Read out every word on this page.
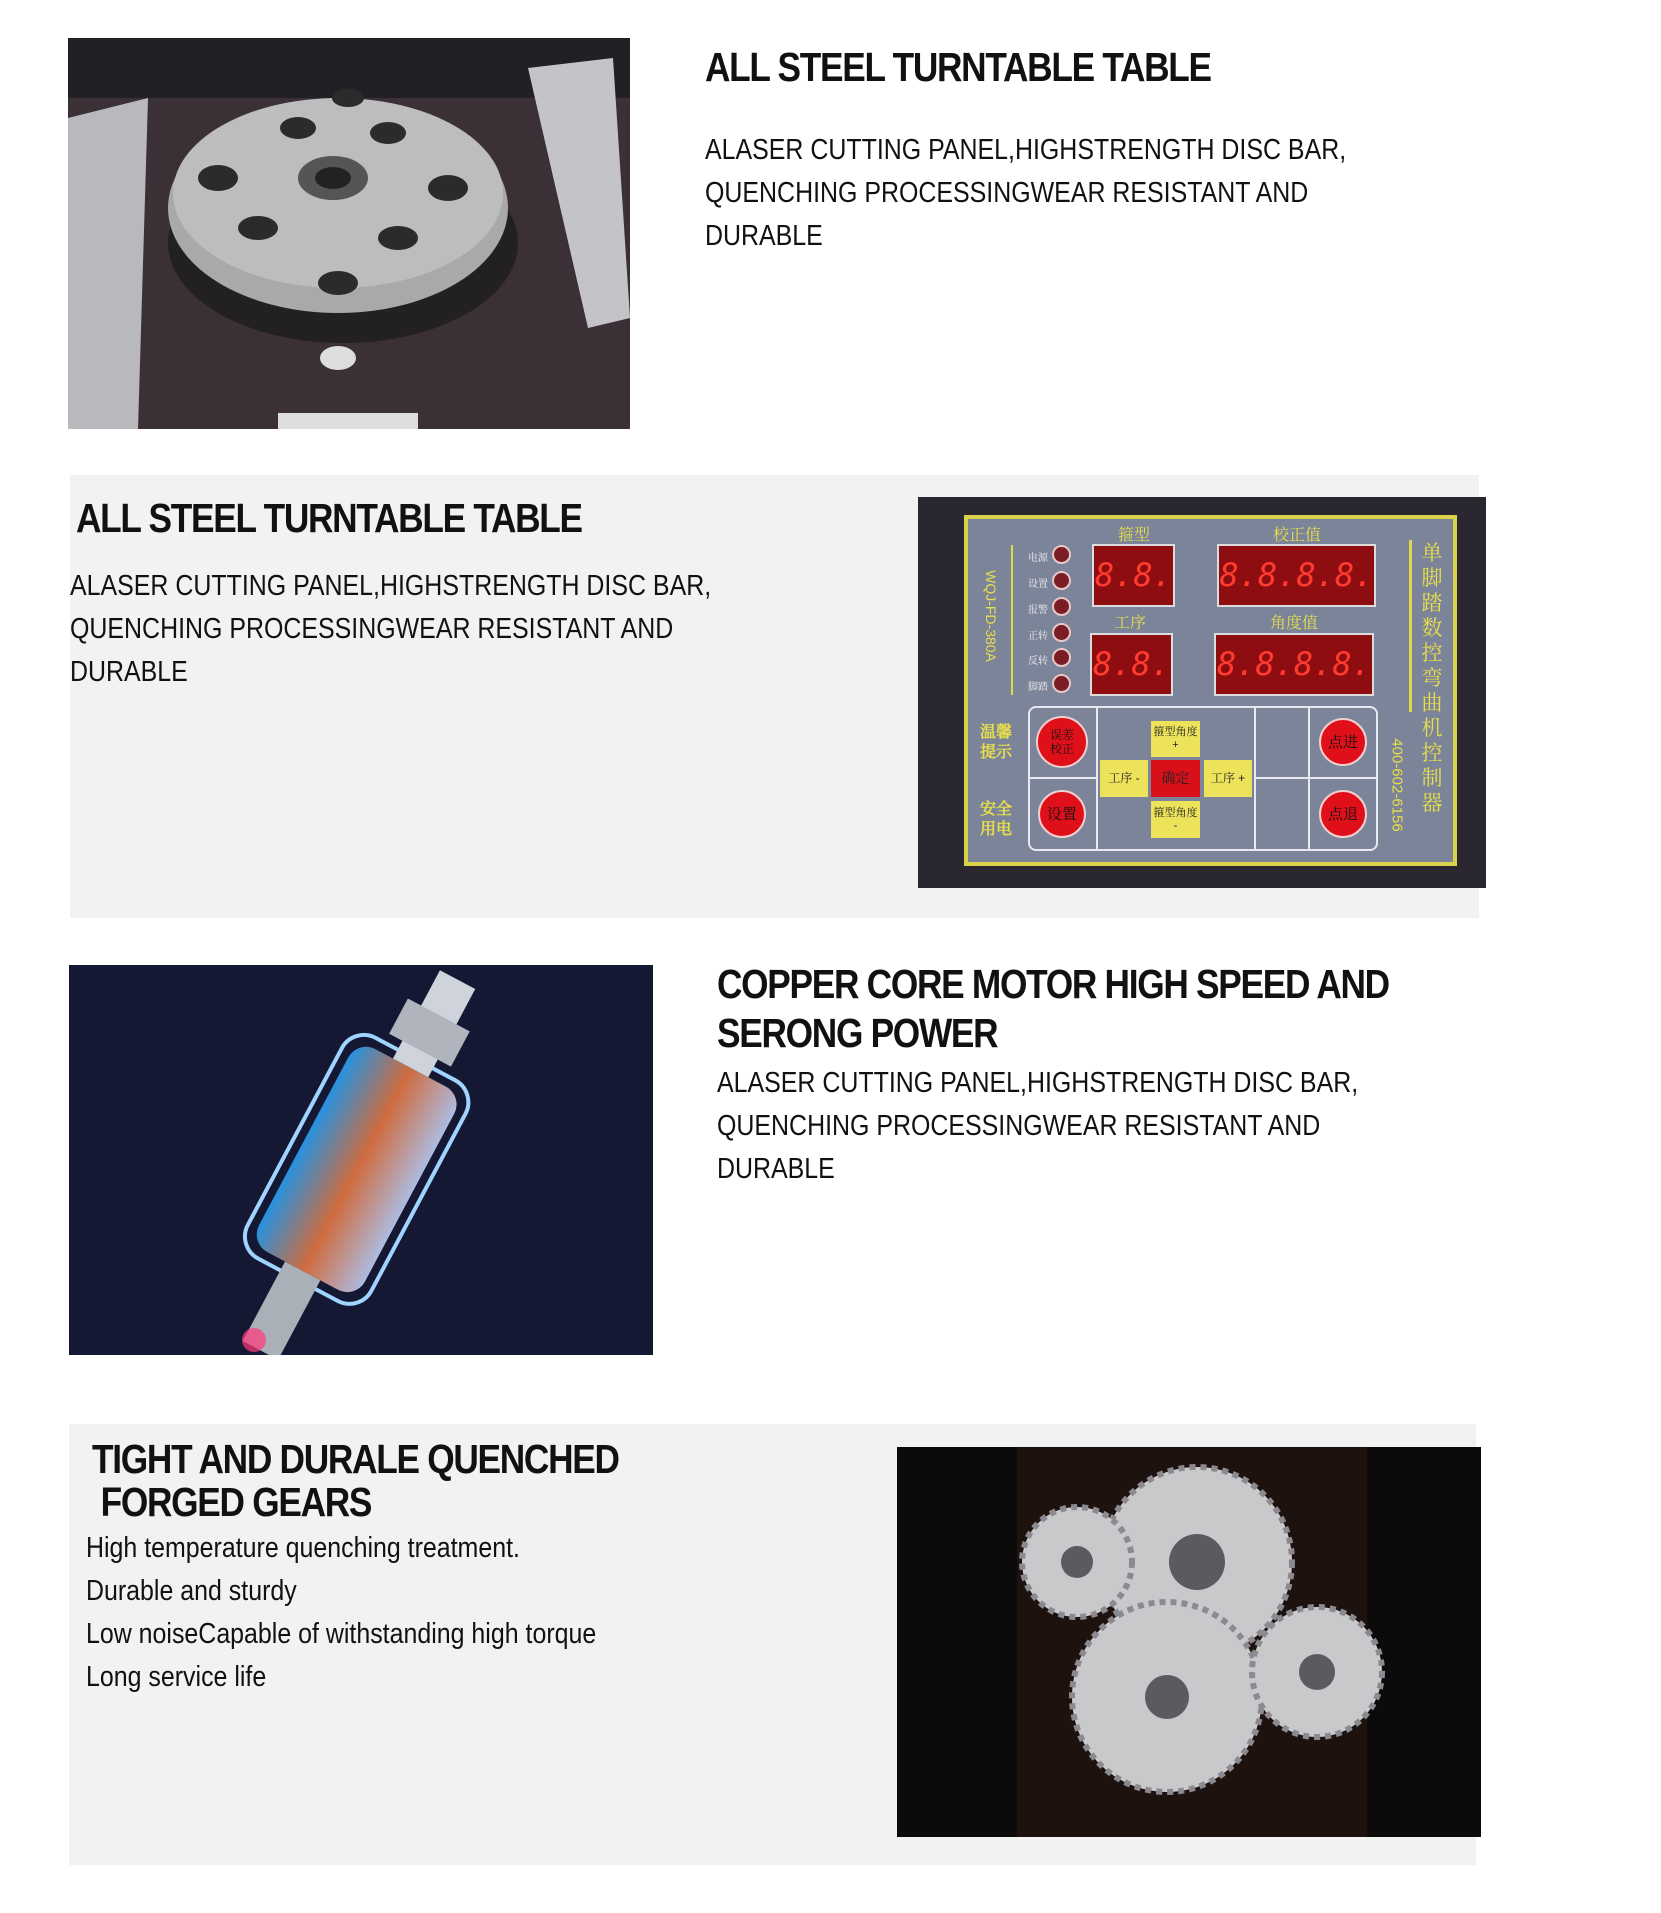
ALL STEEL TURNTABLE TABLE
ALASER CUTTING PANEL,HIGHSTRENGTH DISC BAR,
QUENCHING PROCESSINGWEAR RESISTANT AND
DURABLE
ALL STEEL TURNTABLE TABLE
ALASER CUTTING PANEL,HIGHSTRENGTH DISC BAR,
QUENCHING PROCESSINGWEAR RESISTANT AND
DURABLE
WQJ-FD-380A
电源
设置
报警
正转
反转
脚踏
箍型
8.8.
校正值
8.8.8.8.
工序
8.8.
角度值
8.8.8.8.
单脚踏数控弯曲机控制器
400-602-6156
温馨提示
安全用电
误差校正
设置
点进
点退
箍型角度 +
工序 -	确定	工序 +
箍型角度 -
COPPER CORE MOTOR HIGH SPEED AND
SERONG POWER
ALASER CUTTING PANEL,HIGHSTRENGTH DISC BAR,
QUENCHING PROCESSINGWEAR RESISTANT AND
DURABLE
TIGHT AND DURALE QUENCHED
FORGED GEARS
High temperature quenching treatment.
Durable and sturdy
Low noiseCapable of withstanding high torque
Long service life
